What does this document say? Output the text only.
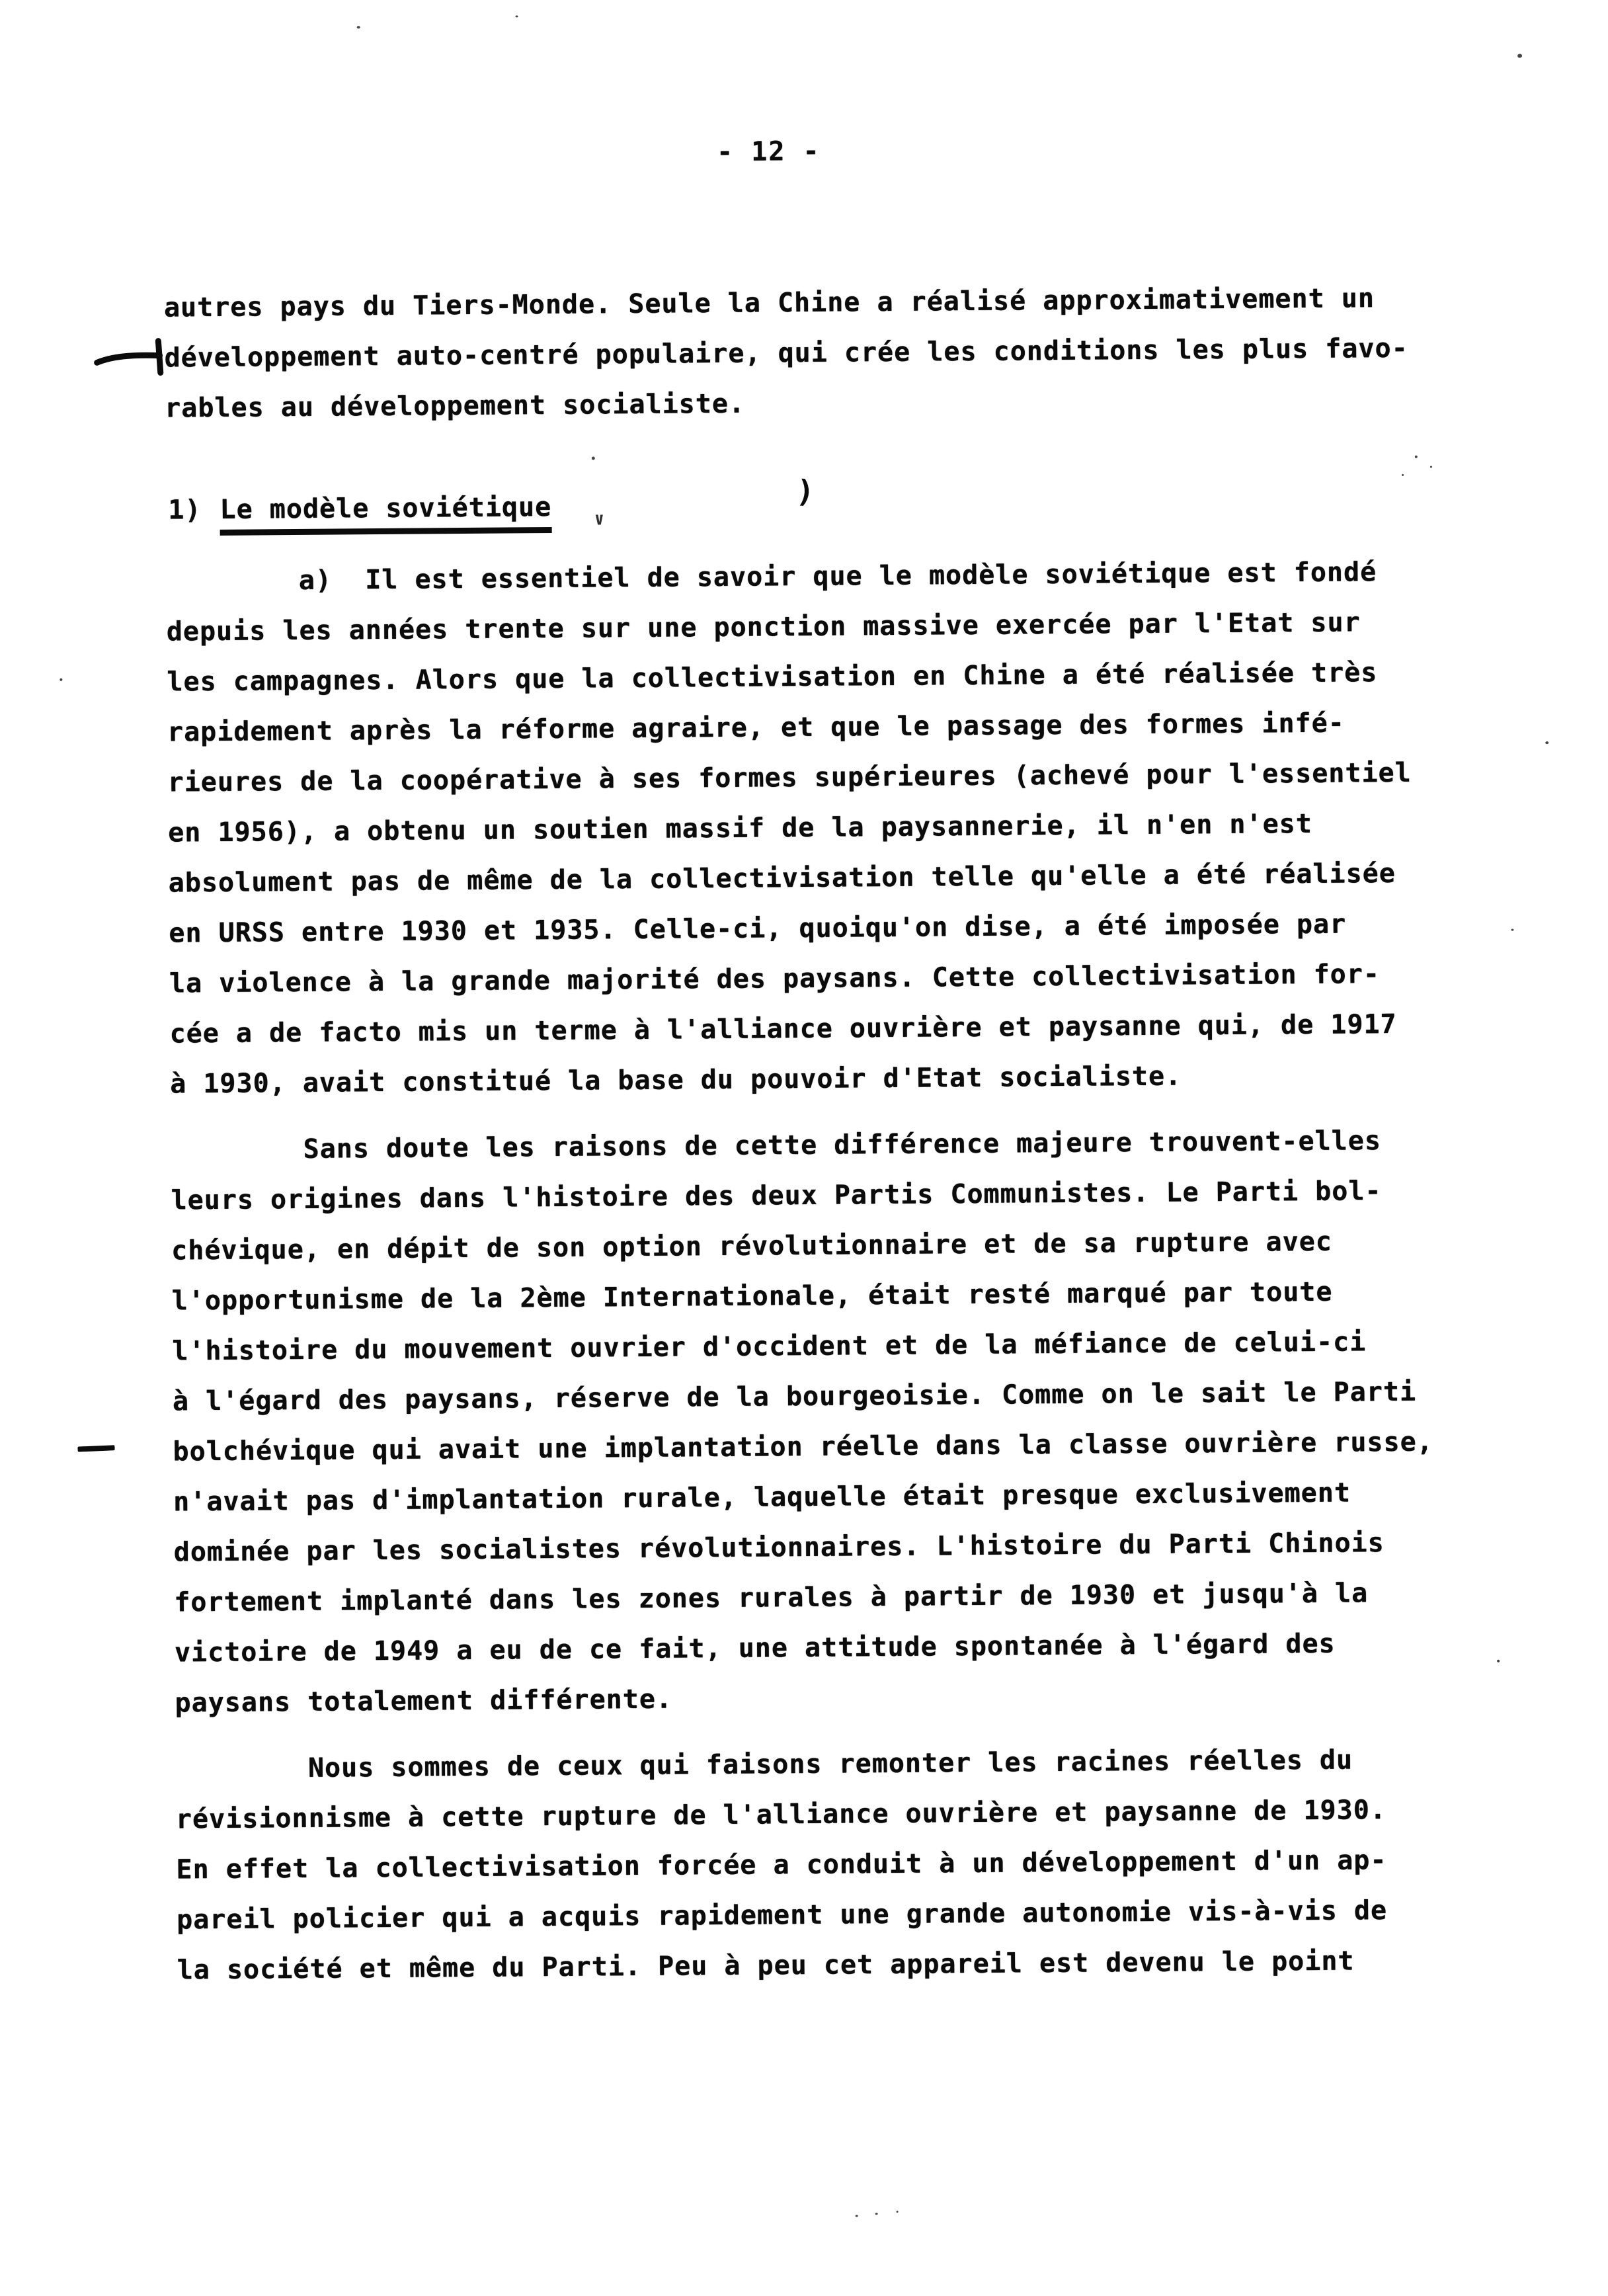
- 12 -
autres pays du Tiers-Monde. Seule la Chine a réalisé approximativement un
développement auto-centré populaire, qui crée les conditions les plus favo-
rables au développement socialiste.
1) Le modèle soviétique	)
∨
a)  Il est essentiel de savoir que le modèle soviétique est fondé
depuis les années trente sur une ponction massive exercée par l'Etat sur
les campagnes. Alors que la collectivisation en Chine a été réalisée très
rapidement après la réforme agraire, et que le passage des formes infé-
rieures de la coopérative à ses formes supérieures (achevé pour l'essentiel
en 1956), a obtenu un soutien massif de la paysannerie, il n'en n'est
absolument pas de même de la collectivisation telle qu'elle a été réalisée
en URSS entre 1930 et 1935. Celle-ci, quoiqu'on dise, a été imposée par
la violence à la grande majorité des paysans. Cette collectivisation for-
cée a de facto mis un terme à l'alliance ouvrière et paysanne qui, de 1917
à 1930, avait constitué la base du pouvoir d'Etat socialiste.
Sans doute les raisons de cette différence majeure trouvent-elles
leurs origines dans l'histoire des deux Partis Communistes. Le Parti bol-
chévique, en dépit de son option révolutionnaire et de sa rupture avec
l'opportunisme de la 2ème Internationale, était resté marqué par toute
l'histoire du mouvement ouvrier d'occident et de la méfiance de celui-ci
à l'égard des paysans, réserve de la bourgeoisie. Comme on le sait le Parti
bolchévique qui avait une implantation réelle dans la classe ouvrière russe,
n'avait pas d'implantation rurale, laquelle était presque exclusivement
dominée par les socialistes révolutionnaires. L'histoire du Parti Chinois
fortement implanté dans les zones rurales à partir de 1930 et jusqu'à la
victoire de 1949 a eu de ce fait, une attitude spontanée à l'égard des
paysans totalement différente.
Nous sommes de ceux qui faisons remonter les racines réelles du
révisionnisme à cette rupture de l'alliance ouvrière et paysanne de 1930.
En effet la collectivisation forcée a conduit à un développement d'un ap-
pareil policier qui a acquis rapidement une grande autonomie vis-à-vis de
la société et même du Parti. Peu à peu cet appareil est devenu le point
